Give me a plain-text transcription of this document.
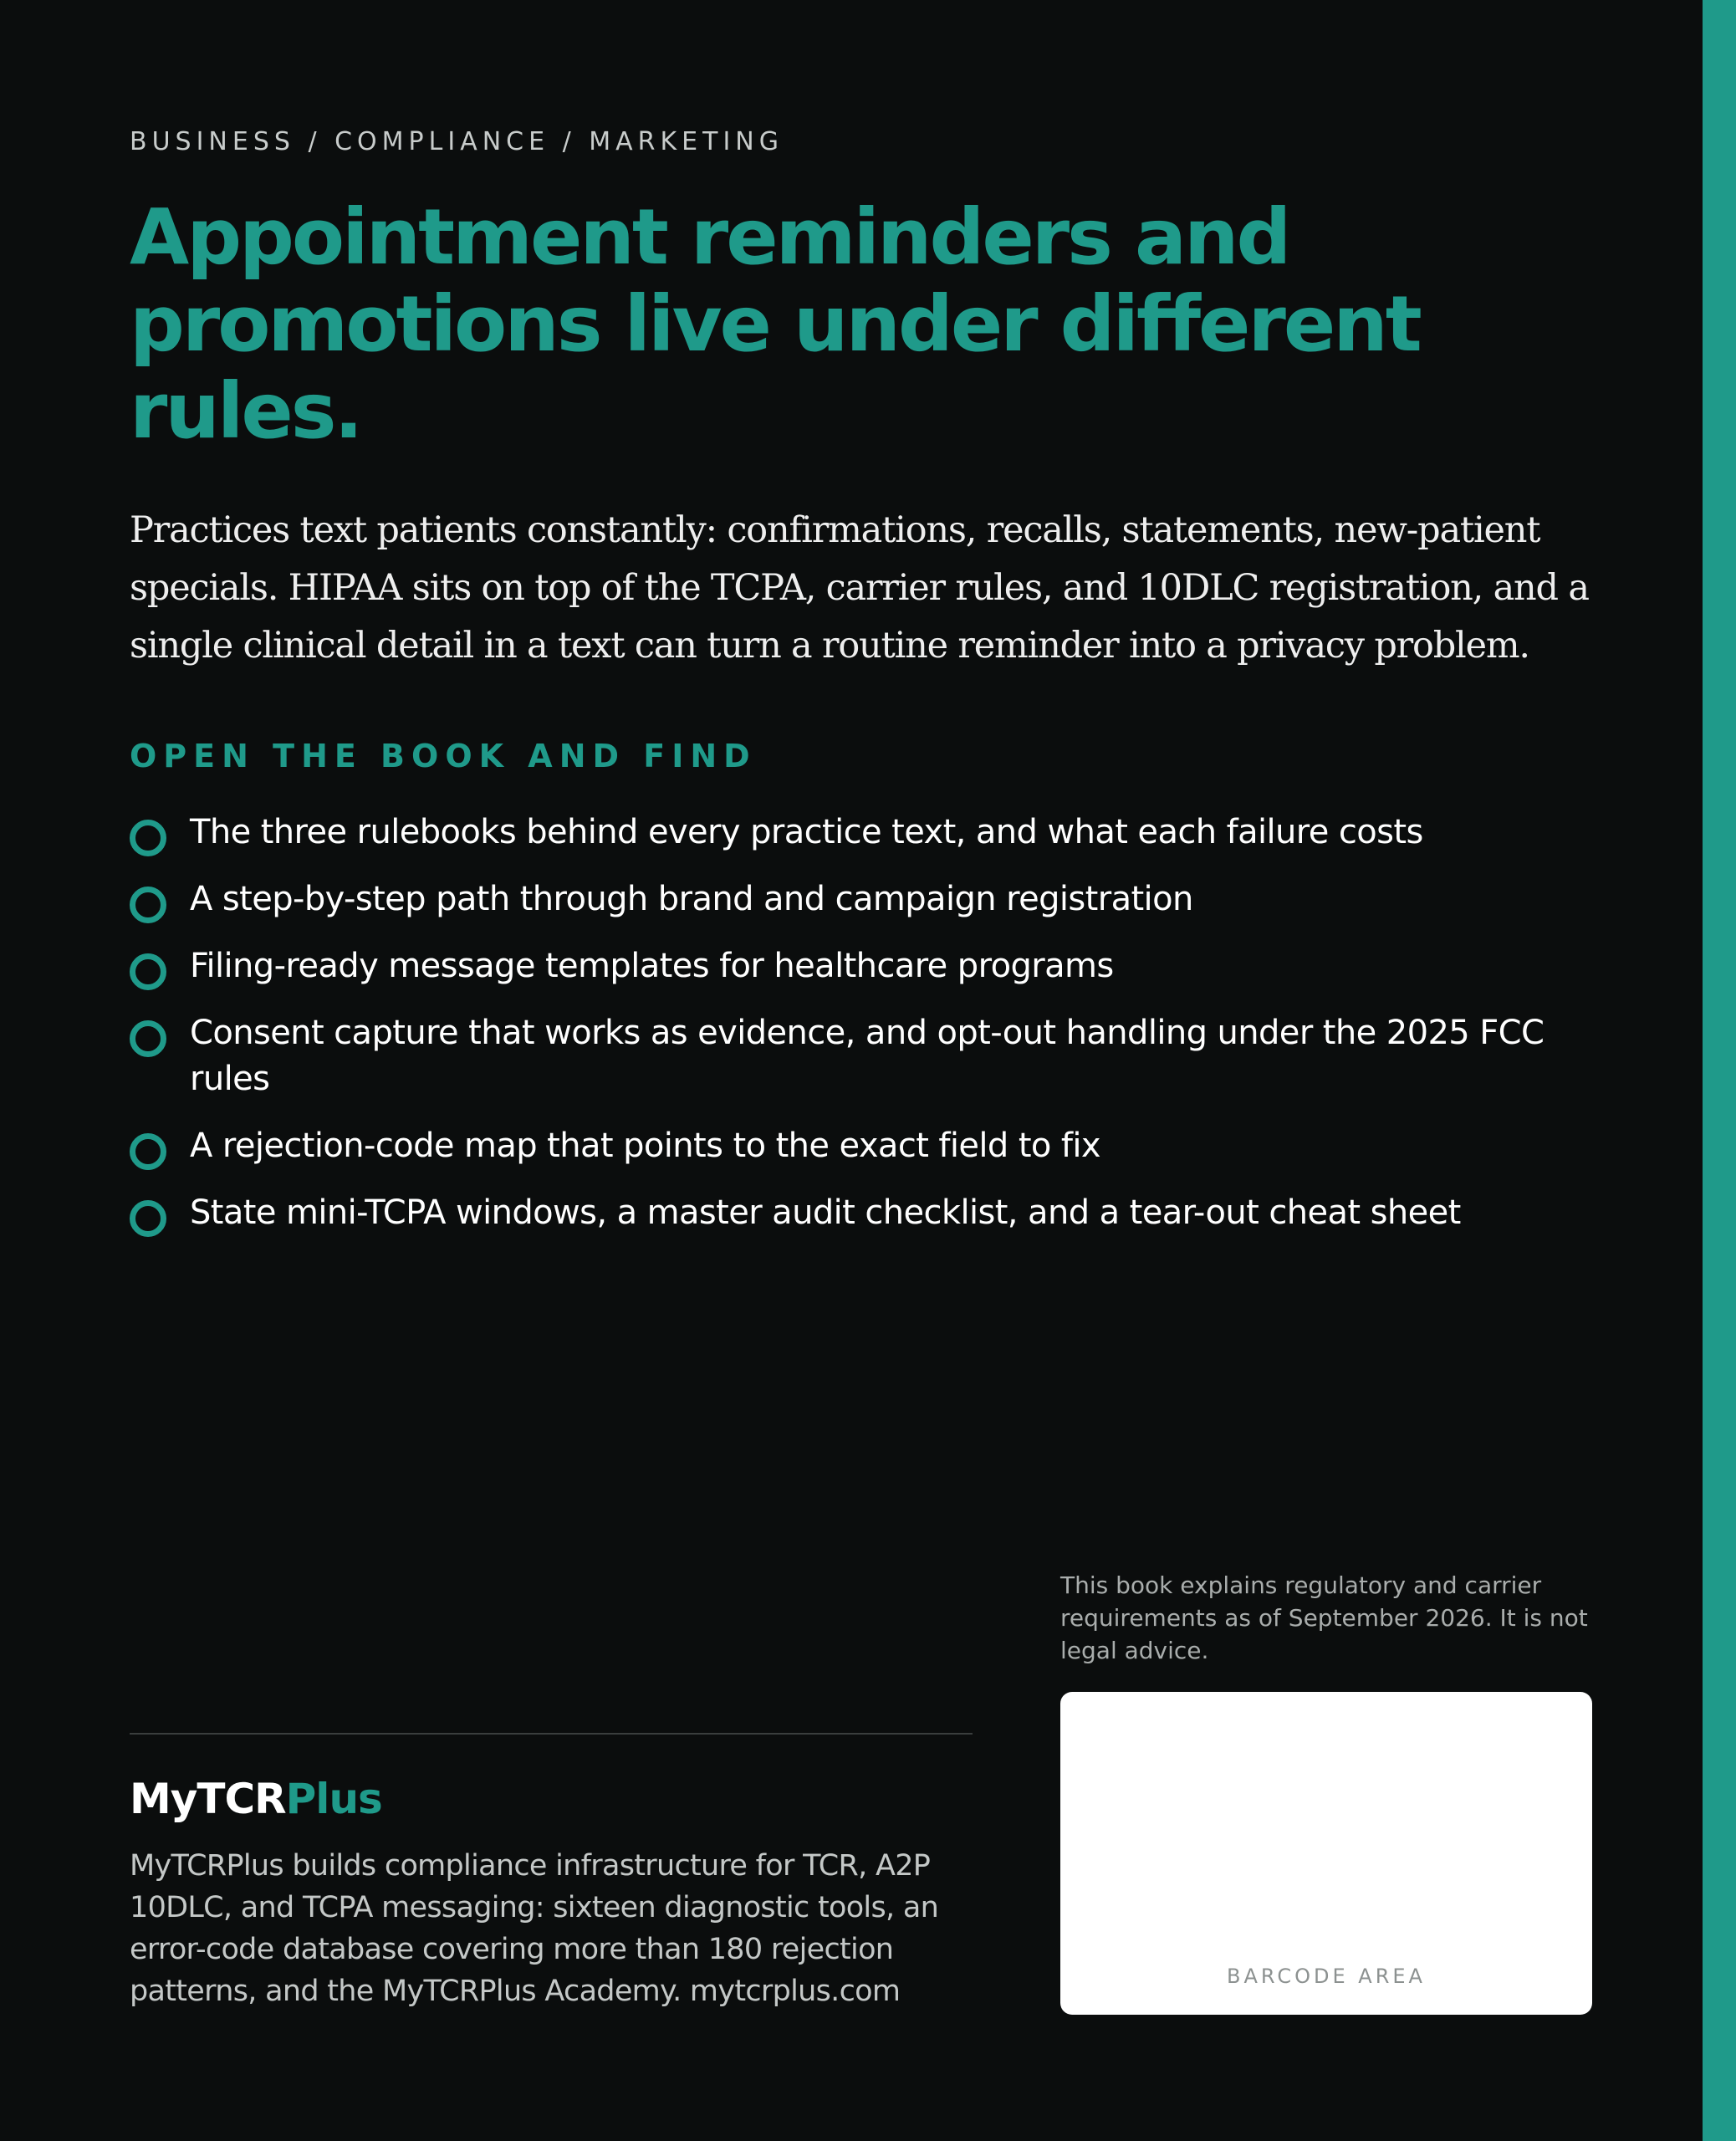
BUSINESS / COMPLIANCE / MARKETING
Appointment reminders and promotions live under different rules.

Practices text patients constantly: confirmations, recalls, statements, new-patient specials. HIPAA sits on top of the TCPA, carrier rules, and 10DLC registration, and a single clinical detail in a text can turn a routine reminder into a privacy problem.

OPEN THE BOOK AND FIND
The three rulebooks behind every practice text, and what each failure costs
A step-by-step path through brand and campaign registration
Filing-ready message templates for healthcare programs
Consent capture that works as evidence, and opt-out handling under the 2025 FCC rules
A rejection-code map that points to the exact field to fix
State mini-TCPA windows, a master audit checklist, and a tear-out cheat sheet

This book explains regulatory and carrier requirements as of September 2026. It is not legal advice.

BARCODE AREA
MyTCRPlus

MyTCRPlus builds compliance infrastructure for TCR, A2P 10DLC, and TCPA messaging: sixteen diagnostic tools, an error-code database covering more than 180 rejection patterns, and the MyTCRPlus Academy. mytcrplus.com
